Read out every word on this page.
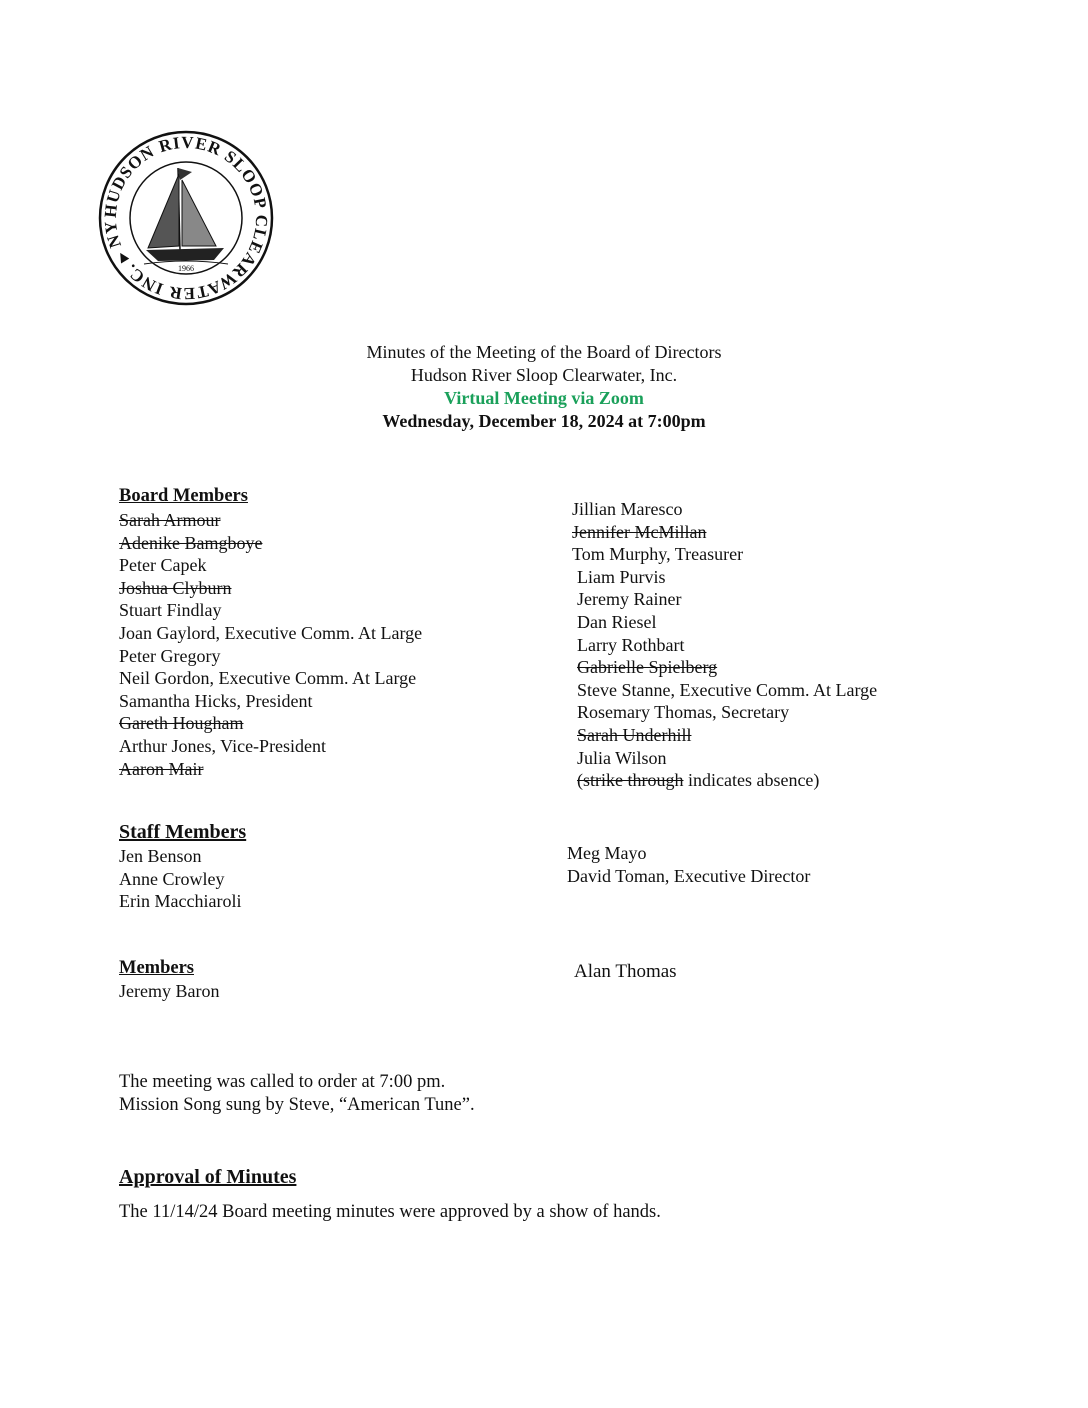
HUDSON RIVER SLOOP CLEARWATER INC. ▸ NY
1966
Minutes of the Meeting of the Board of Directors
Hudson River Sloop Clearwater, Inc.
Virtual Meeting via Zoom
Wednesday, December 18, 2024 at 7:00pm
Board Members
Sarah Armour
Adenike Bamgboye
Peter Capek
Joshua Clyburn
Stuart Findlay
Joan Gaylord, Executive Comm. At Large
Peter Gregory
Neil Gordon, Executive Comm. At Large
Samantha Hicks, President
Gareth Hougham
Arthur Jones, Vice-President
Aaron Mair
Jillian Maresco
Jennifer McMillan
Tom Murphy, Treasurer
Liam Purvis
Jeremy Rainer
Dan Riesel
Larry Rothbart
Gabrielle Spielberg
Steve Stanne, Executive Comm. At Large
Rosemary Thomas, Secretary
Sarah Underhill
Julia Wilson
(strike through indicates absence)
Staff Members
Jen Benson
Anne Crowley
Erin Macchiaroli
Meg Mayo
David Toman, Executive Director
Members
Jeremy Baron
Alan Thomas
The meeting was called to order at 7:00 pm.
Mission Song sung by Steve, “American Tune”.
Approval of Minutes
The 11/14/24 Board meeting minutes were approved by a show of hands.
